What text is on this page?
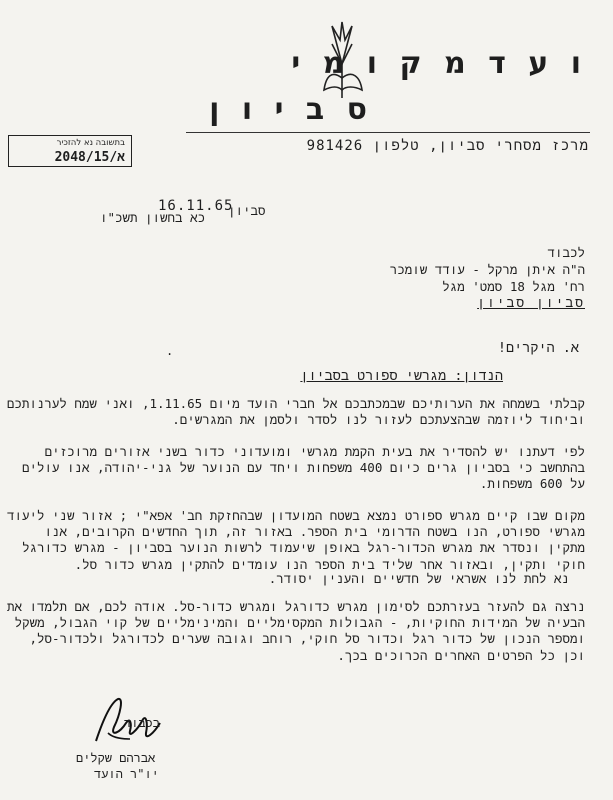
ו ע ד מ ק ו מ י
ס ב י ו ן
מרכז מסחרי סביון, טלפון 981426
בתשובה נא להזכיר
א/2048/15
16.11.65
סביון
כא בחשון תשכ"ו
לכבוד
ה"ה איתן מרקל - עודד שומכר
רח' מגל 18 סמט' מגל
סביון סביון
.	א. היקרים!
הנדון: מגרשי ספורט בסביון
קבלתי בשמחה את הערותיכם שבמכתבכם אל חברי הועד מיום 1.11.65, ואני שמח לערנותכם וביחוד ליוזמה שבהצעתכם לעזור לנו לסדר ולסמן את המגרשים.
לפי דעתנו יש להסדיר את בעית הקמת מגרשי ומועדוני כדור בשני אזורים מרוכזים בהתחשב כי בסביון גרים כיום 400 משפחות ויחד עם הנוער של גני-יהודה, אנו עולים על 600 משפחות.
מקום שבו קיים מגרש ספורט נמצא בשטח המועדון שבהחזקת חב' אפא"י ; אזור שני ליעוד מגרשי ספורט, הנו בשטח הדרומי בית הספר. באזור זה, תוך החדשים הקרובים, אנו מתקין ונסדר את מגרש הכדור-רגל באופן שיעמוד לרשות הנוער בסביון - מגרש כדורגל חוקי ותקין, ובאזור אחר שליד בית הספר הנו עומדים להתקין מגרש כדור סל.
נא לחת לנו אשראי של חדשיים והענין יסודר.
נרצה גם להעזר בעזרתכם לסימון מגרש כדורגל ומגרש כדור-סל. אודה לכם, אם תלמדו את הבעיה של המידות החוקיות, - הגבולות המקסימליים והמינימליים של קוי הגבול, משקל ומספר הנכון של כדור רגל וכדור סל חוקי, רוחב וגובה שערים לכדורגל ולכדור-סל, וכן כל הפרטים האחרים הכרוכים בכך.
בכבוד
אברהם שקלים
יו"ר הועד
